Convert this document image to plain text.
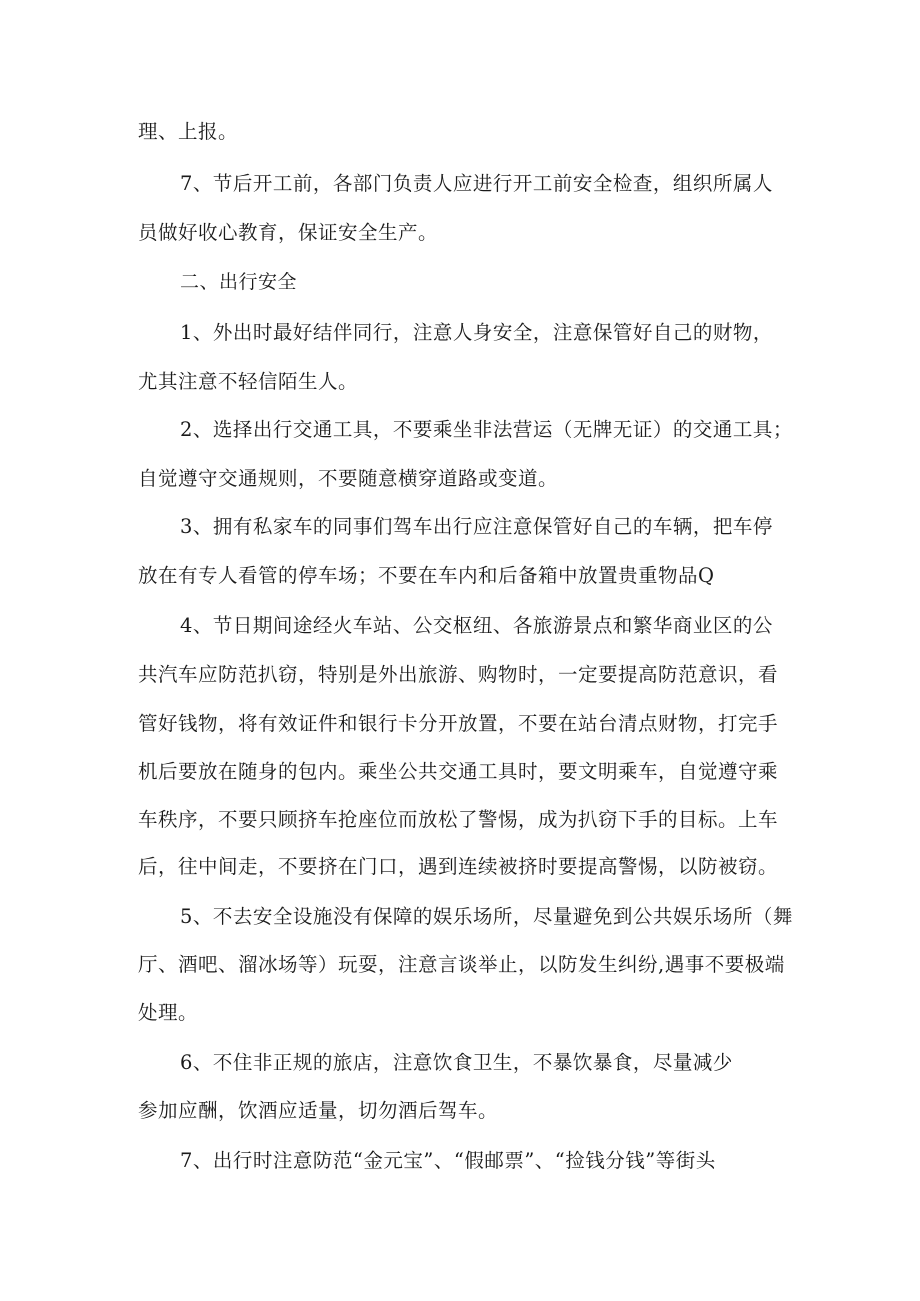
理、上报。
7、节后开工前，各部门负责人应进行开工前安全检查，组织所属人
员做好收心教育，保证安全生产。
二、出行安全
1、外出时最好结伴同行，注意人身安全，注意保管好自己的财物，
尤其注意不轻信陌生人。
2、选择出行交通工具，不要乘坐非法营运（无牌无证）的交通工具；
自觉遵守交通规则，不要随意横穿道路或变道。
3、拥有私家车的同事们驾车出行应注意保管好自己的车辆，把车停
放在有专人看管的停车场；不要在车内和后备箱中放置贵重物品Q
4、节日期间途经火车站、公交枢纽、各旅游景点和繁华商业区的公
共汽车应防范扒窃，特别是外出旅游、购物时，一定要提高防范意识，看
管好钱物，将有效证件和银行卡分开放置，不要在站台清点财物，打完手
机后要放在随身的包内。乘坐公共交通工具时，要文明乘车，自觉遵守乘
车秩序，不要只顾挤车抢座位而放松了警惕，成为扒窃下手的目标。上车
后，往中间走，不要挤在门口，遇到连续被挤时要提高警惕，以防被窃。
5、不去安全设施没有保障的娱乐场所，尽量避免到公共娱乐场所（舞
厅、酒吧、溜冰场等）玩耍，注意言谈举止，以防发生纠纷,遇事不要极端
处理。
6、不住非正规的旅店，注意饮食卫生，不暴饮暴食，尽量减少
参加应酬，饮酒应适量，切勿酒后驾车。
7、出行时注意防范“金元宝”、“假邮票”、“捡钱分钱”等街头
